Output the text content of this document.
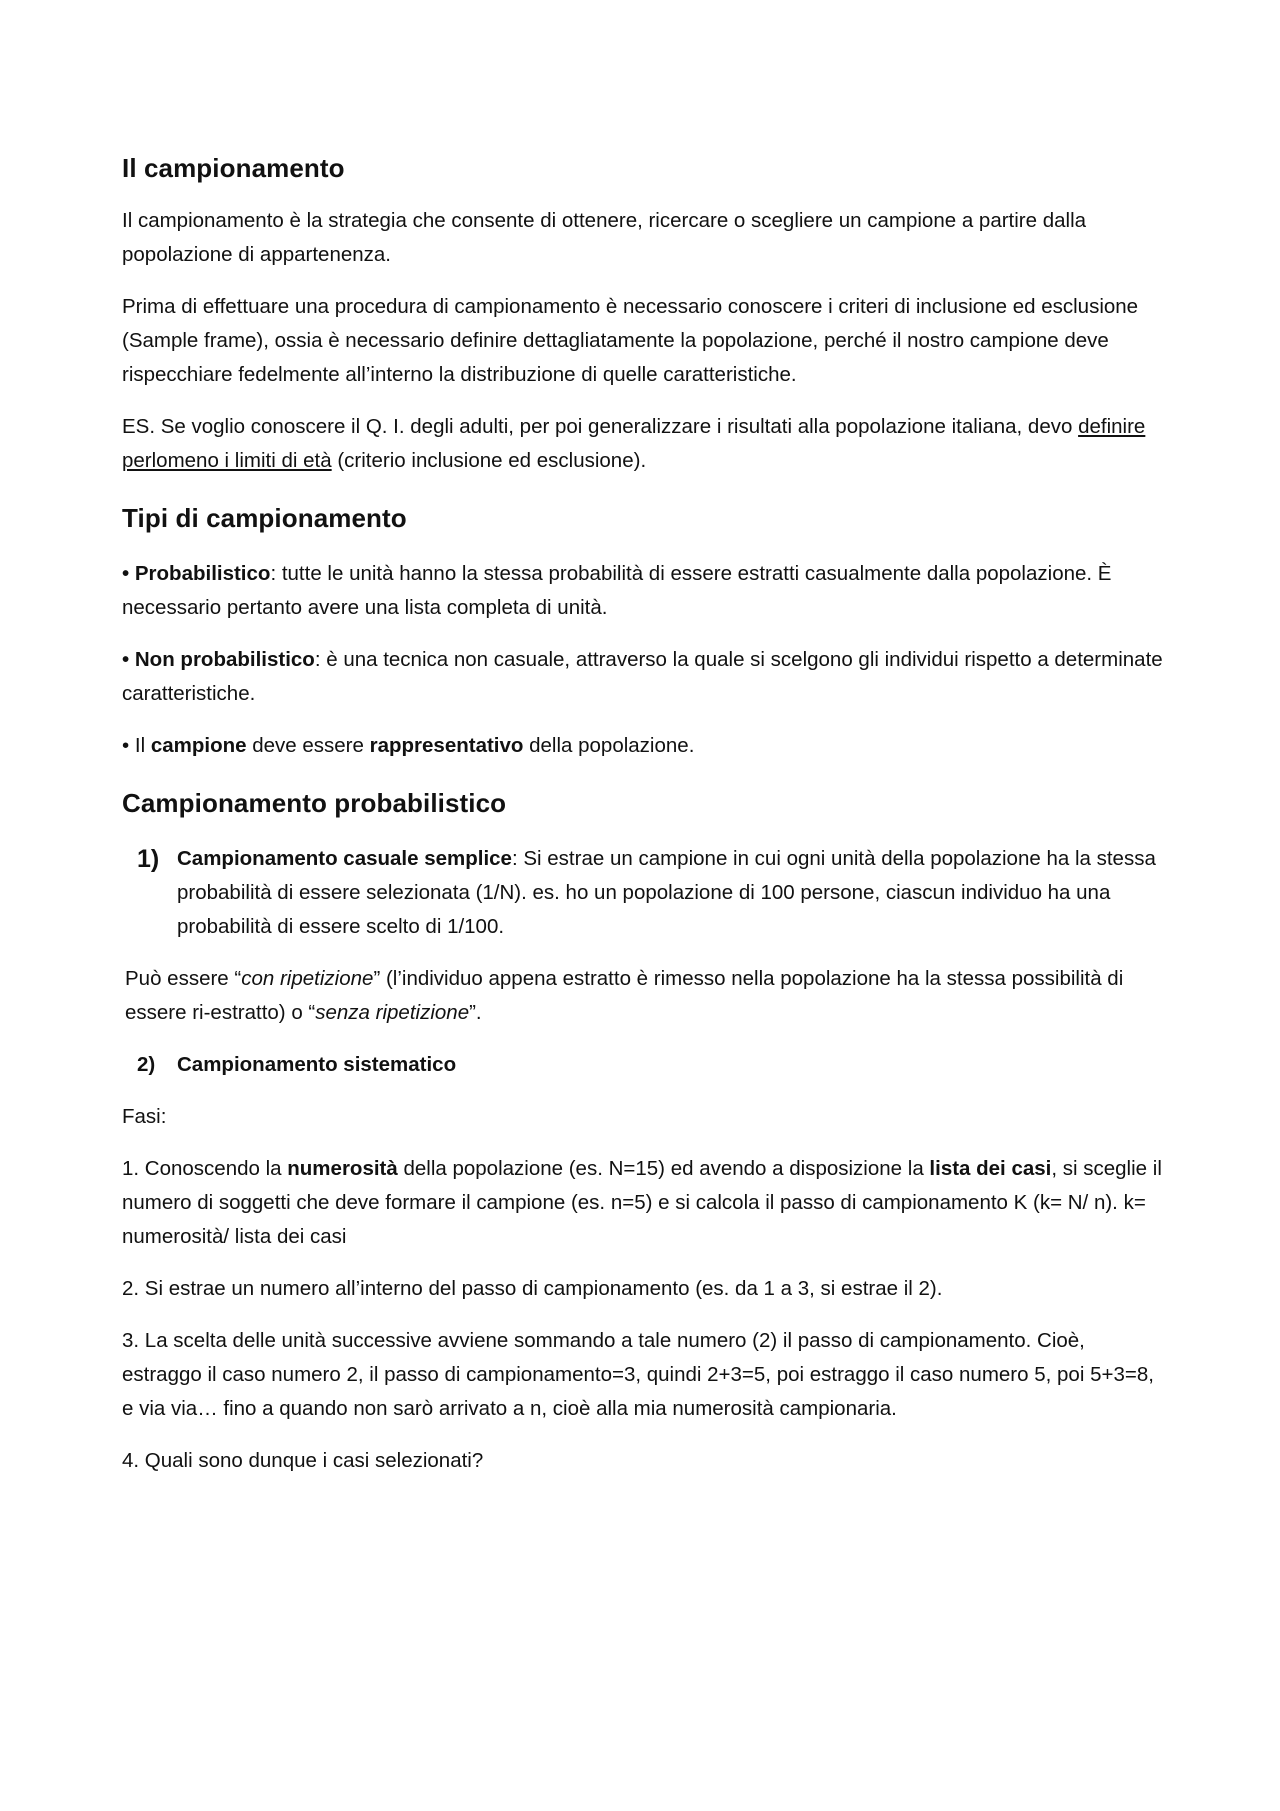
Il campionamento

Il campionamento è la strategia che consente di ottenere, ricercare o scegliere un campione a partire dalla popolazione di appartenenza.

Prima di effettuare una procedura di campionamento è necessario conoscere i criteri di inclusione ed esclusione (Sample frame), ossia è necessario definire dettagliatamente la popolazione, perché il nostro campione deve rispecchiare fedelmente all’interno la distribuzione di quelle caratteristiche.

ES. Se voglio conoscere il Q. I. degli adulti, per poi generalizzare i risultati alla popolazione italiana, devo definire perlomeno i limiti di età (criterio inclusione ed esclusione).

Tipi di campionamento

• Probabilistico: tutte le unità hanno la stessa probabilità di essere estratti casualmente dalla popolazione. È necessario pertanto avere una lista completa di unità.

• Non probabilistico: è una tecnica non casuale, attraverso la quale si scelgono gli individui rispetto a determinate caratteristiche.

• Il campione deve essere rappresentativo della popolazione.

Campionamento probabilistico
1) Campionamento casuale semplice: Si estrae un campione in cui ogni unità della popolazione ha la stessa probabilità di essere selezionata (1/N). es. ho un popolazione di 100 persone, ciascun individuo ha una probabilità di essere scelto di 1/100.

Può essere “con ripetizione” (l’individuo appena estratto è rimesso nella popolazione ha la stessa possibilità di essere ri-estratto) o “senza ripetizione”.

2)	Campionamento sistematico

Fasi:

1. Conoscendo la numerosità della popolazione (es. N=15) ed avendo a disposizione la lista dei casi, si sceglie il numero di soggetti che deve formare il campione (es. n=5) e si calcola il passo di campionamento K (k= N/ n). k= numerosità/ lista dei casi

2. Si estrae un numero all’interno del passo di campionamento (es. da 1 a 3, si estrae il 2).

3. La scelta delle unità successive avviene sommando a tale numero (2) il passo di campionamento. Cioè, estraggo il caso numero 2, il passo di campionamento=3, quindi 2+3=5, poi estraggo il caso numero 5, poi 5+3=8, e via via… fino a quando non sarò arrivato a n, cioè alla mia numerosità campionaria.

4. Quali sono dunque i casi selezionati?
